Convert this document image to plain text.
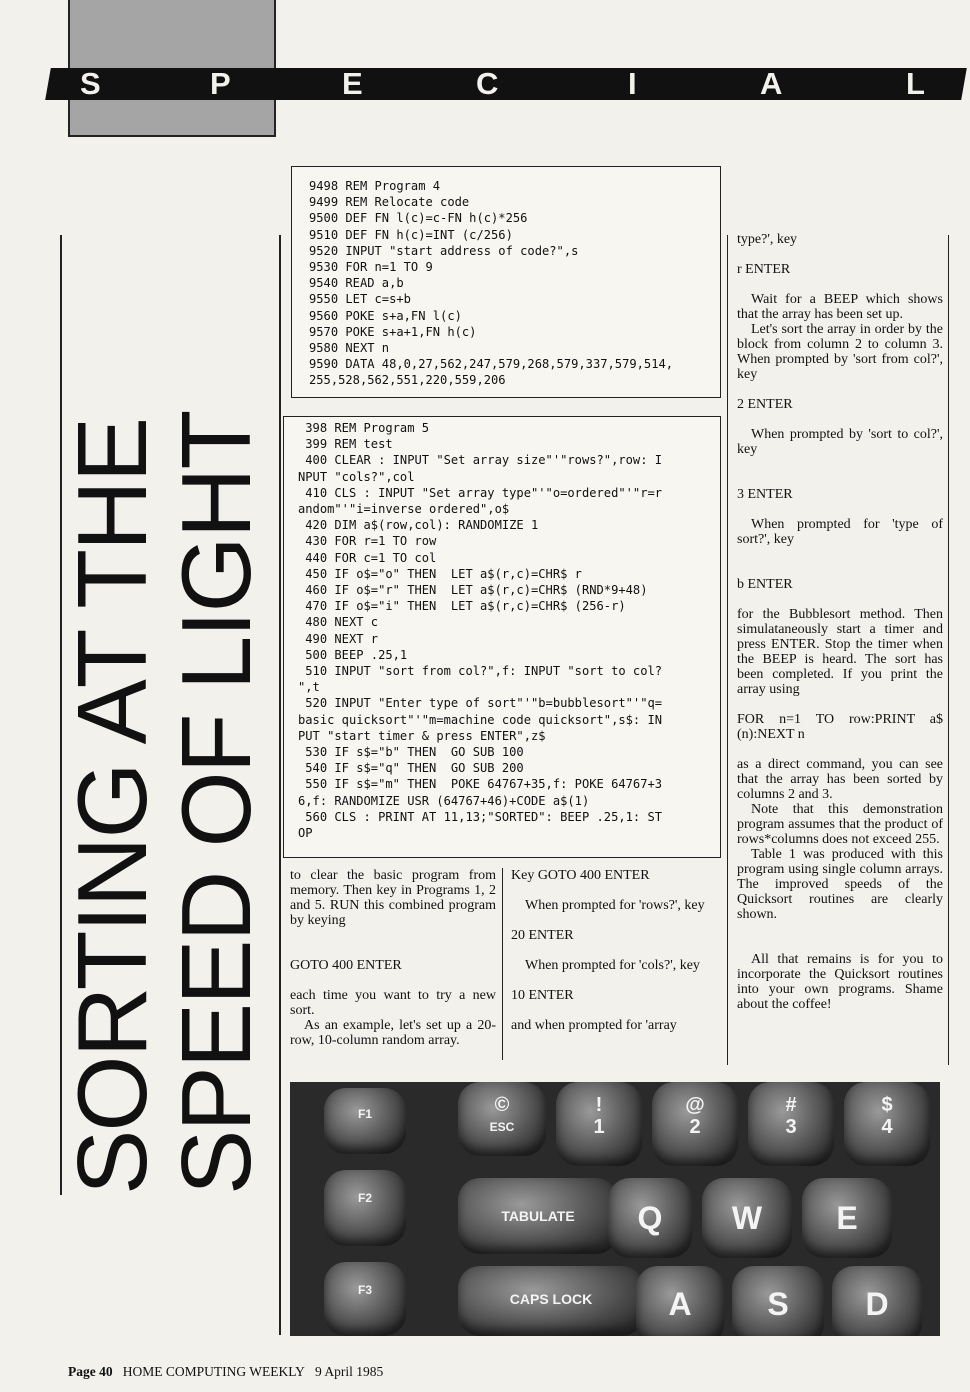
S	P	E	C	I	A	L
SORTING AT THE
SPEED OF LIGHT
9498 REM Program 4
9499 REM Relocate code
9500 DEF FN l(c)=c-FN h(c)*256
9510 DEF FN h(c)=INT (c/256)
9520 INPUT "start address of code?",s
9530 FOR n=1 TO 9
9540 READ a,b
9550 LET c=s+b
9560 POKE s+a,FN l(c)
9570 POKE s+a+1,FN h(c)
9580 NEXT n
9590 DATA 48,0,27,562,247,579,268,579,337,579,514,
255,528,562,551,220,559,206
398 REM Program 5
399 REM test
400 CLEAR : INPUT "Set array size"'"rows?",row: I
NPUT "cols?",col
410 CLS : INPUT "Set array type"'"o=ordered"'"r=r
andom"'"i=inverse ordered",o$
420 DIM a$(row,col): RANDOMIZE 1
430 FOR r=1 TO row
440 FOR c=1 TO col
450 IF o$="o" THEN  LET a$(r,c)=CHR$ r
460 IF o$="r" THEN  LET a$(r,c)=CHR$ (RND*9+48)
470 IF o$="i" THEN  LET a$(r,c)=CHR$ (256-r)
480 NEXT c
490 NEXT r
500 BEEP .25,1
510 INPUT "sort from col?",f: INPUT "sort to col?
",t
520 INPUT "Enter type of sort"'"b=bubblesort"'"q=
basic quicksort"'"m=machine code quicksort",s$: IN
PUT "start timer & press ENTER",z$
530 IF s$="b" THEN  GO SUB 100
540 IF s$="q" THEN  GO SUB 200
550 IF s$="m" THEN  POKE 64767+35,f: POKE 64767+3
6,f: RANDOMIZE USR (64767+46)+CODE a$(1)
560 CLS : PRINT AT 11,13;"SORTED": BEEP .25,1: ST
OP

to clear the basic program from memory. Then key in Programs 1, 2 and 5. RUN this combined program by keying

GOTO 400 ENTER

each time you want to try a new sort.

As an example, let's set up a 20-row, 10-column random array.

Key GOTO 400 ENTER

When prompted for 'rows?', key

20 ENTER

When prompted for 'cols?', key

10 ENTER

and when prompted for 'array

type?', key

r ENTER

Wait for a BEEP which shows that the array has been set up.

Let's sort the array in order by the block from column 2 to column 3. When prompted by 'sort from col?', key

2 ENTER

When prompted by 'sort to col?', key

3 ENTER

When prompted for 'type of sort?', key

b ENTER

for the Bubblesort method. Then simulataneously start a timer and press ENTER. Stop the timer when the BEEP is heard. The sort has been completed. If you print the array using

FOR n=1 TO row:PRINT a$ (n):NEXT n

as a direct command, you can see that the array has been sorted by columns 2 and 3.

Note that this demonstration program assumes that the product of rows*columns does not exceed 255.

Table 1 was produced with this program using single column arrays. The improved speeds of the Quicksort routines are clearly shown.

All that remains is for you to incorporate the Quicksort routines into your own programs. Shame about the coffee!

F1
F2
F3
©
ESC
!
1
@
2
#
3
$
4
TABULATE	Q	W	E
CAPS LOCK	A	S	D
Page 40 HOME COMPUTING WEEKLY 9 April 1985
